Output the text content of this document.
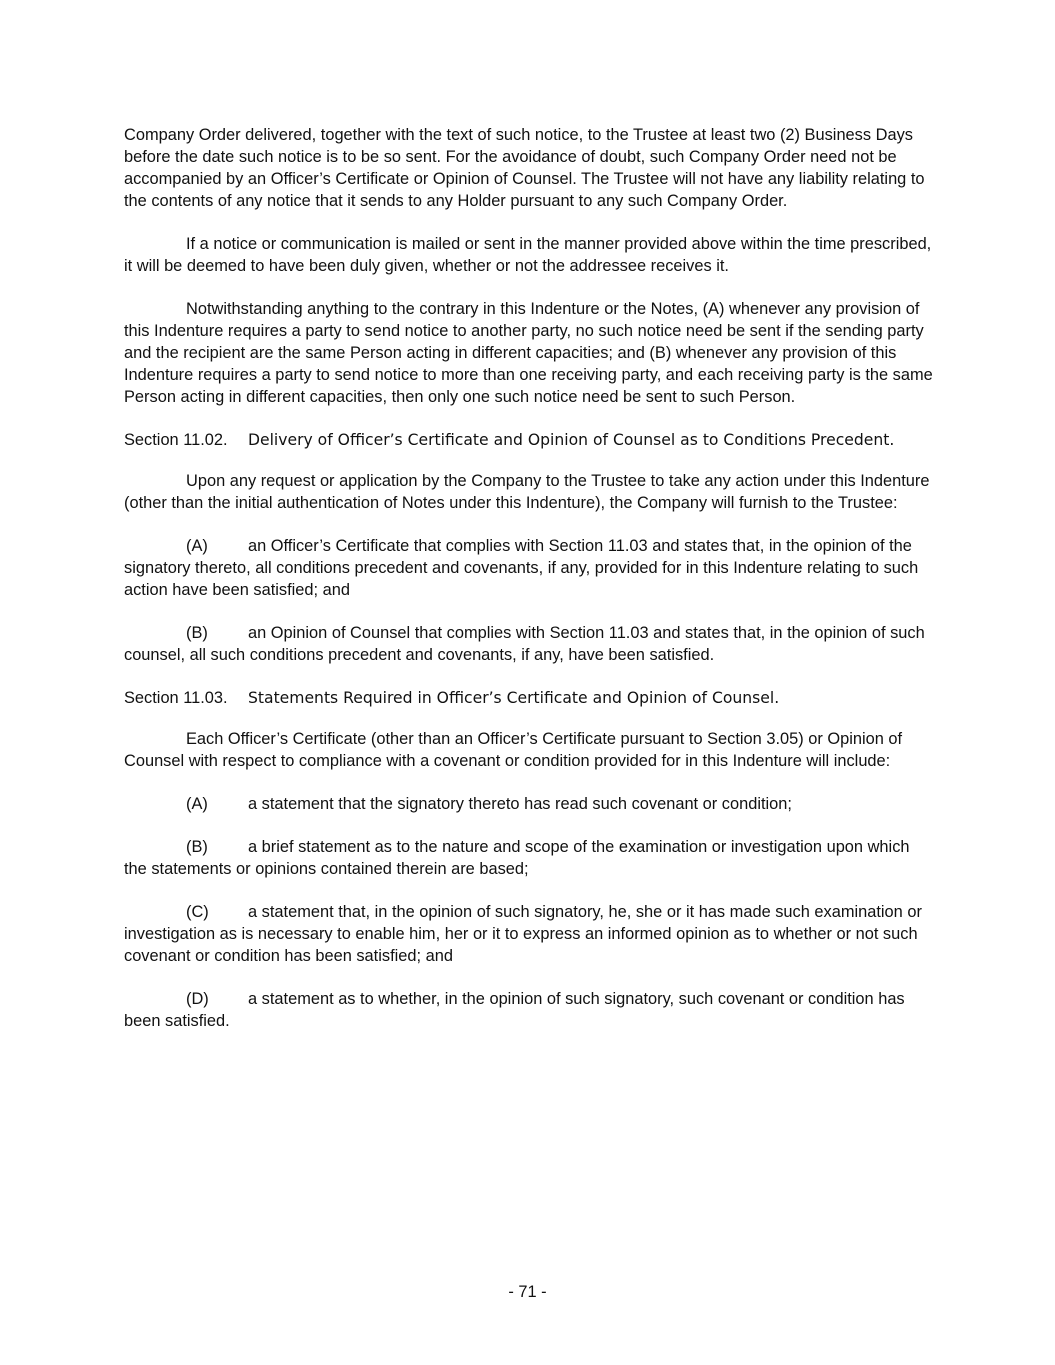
Company Order delivered, together with the text of such notice, to the Trustee at least two (2) Business Days before the date such notice is to be so sent. For the avoidance of doubt, such Company Order need not be accompanied by an Officer’s Certificate or Opinion of Counsel. The Trustee will not have any liability relating to the contents of any notice that it sends to any Holder pursuant to any such Company Order.

If a notice or communication is mailed or sent in the manner provided above within the time prescribed, it will be deemed to have been duly given, whether or not the addressee receives it.

Notwithstanding anything to the contrary in this Indenture or the Notes, (A) whenever any provision of this Indenture requires a party to send notice to another party, no such notice need be sent if the sending party and the recipient are the same Person acting in different capacities; and (B) whenever any provision of this Indenture requires a party to send notice to more than one receiving party, and each receiving party is the same Person acting in different capacities, then only one such notice need be sent to such Person.

Section 11.02. Delivery of Officer’s Certificate and Opinion of Counsel as to Conditions Precedent.

Upon any request or application by the Company to the Trustee to take any action under this Indenture (other than the initial authentication of Notes under this Indenture), the Company will furnish to the Trustee:

(A) an Officer’s Certificate that complies with Section 11.03 and states that, in the opinion of the signatory thereto, all conditions precedent and covenants, if any, provided for in this Indenture relating to such action have been satisfied; and

(B) an Opinion of Counsel that complies with Section 11.03 and states that, in the opinion of such counsel, all such conditions precedent and covenants, if any, have been satisfied.

Section 11.03. Statements Required in Officer’s Certificate and Opinion of Counsel.

Each Officer’s Certificate (other than an Officer’s Certificate pursuant to Section 3.05) or Opinion of Counsel with respect to compliance with a covenant or condition provided for in this Indenture will include:

(A) a statement that the signatory thereto has read such covenant or condition;

(B) a brief statement as to the nature and scope of the examination or investigation upon which the statements or opinions contained therein are based;

(C) a statement that, in the opinion of such signatory, he, she or it has made such examination or investigation as is necessary to enable him, her or it to express an informed opinion as to whether or not such covenant or condition has been satisfied; and

(D) a statement as to whether, in the opinion of such signatory, such covenant or condition has been satisfied.

- 71 -
